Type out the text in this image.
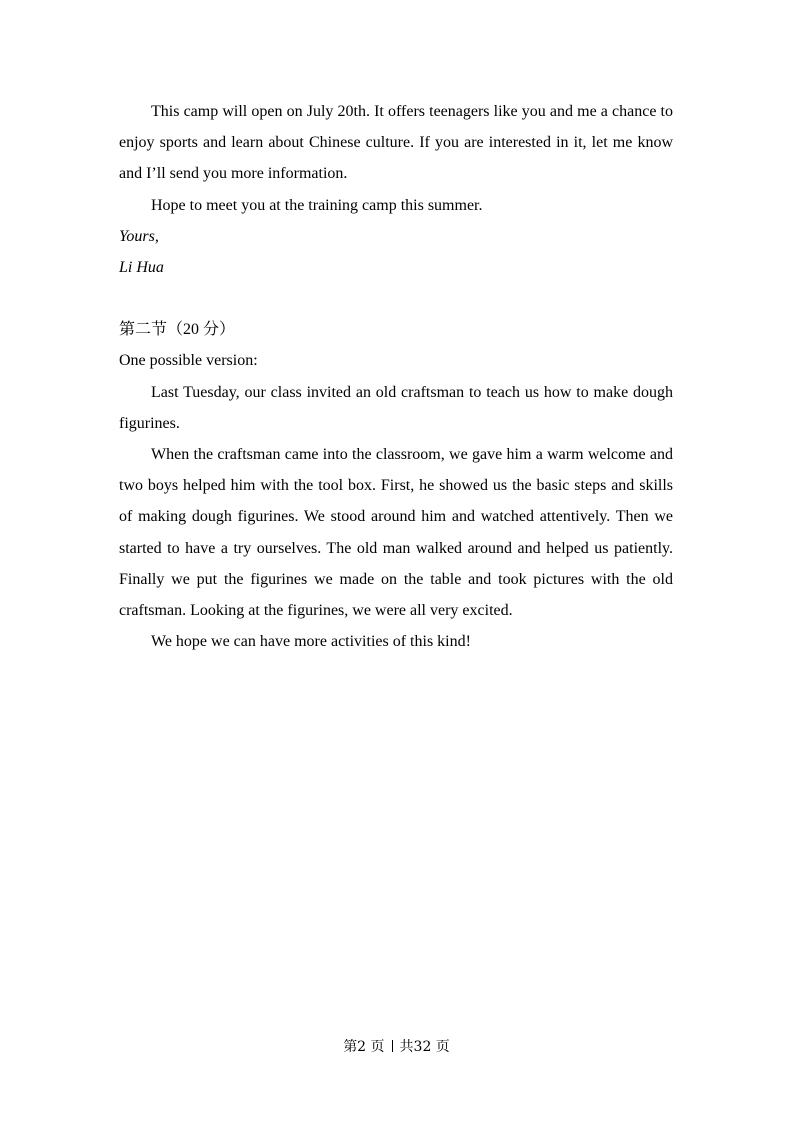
This camp will open on July 20th. It offers teenagers like you and me a chance to enjoy sports and learn about Chinese culture. If you are interested in it, let me know and I’ll send you more information.

Hope to meet you at the training camp this summer.

Yours,

Li Hua

第二节（20 分）

One possible version:

Last Tuesday, our class invited an old craftsman to teach us how to make dough figurines.

When the craftsman came into the classroom, we gave him a warm welcome and two boys helped him with the tool box. First, he showed us the basic steps and skills of making dough figurines. We stood around him and watched attentively. Then we started to have a try ourselves. The old man walked around and helped us patiently. Finally we put the figurines we made on the table and took pictures with the old craftsman. Looking at the figurines, we were all very excited.

We hope we can have more activities of this kind!

第2 页 共32 页
